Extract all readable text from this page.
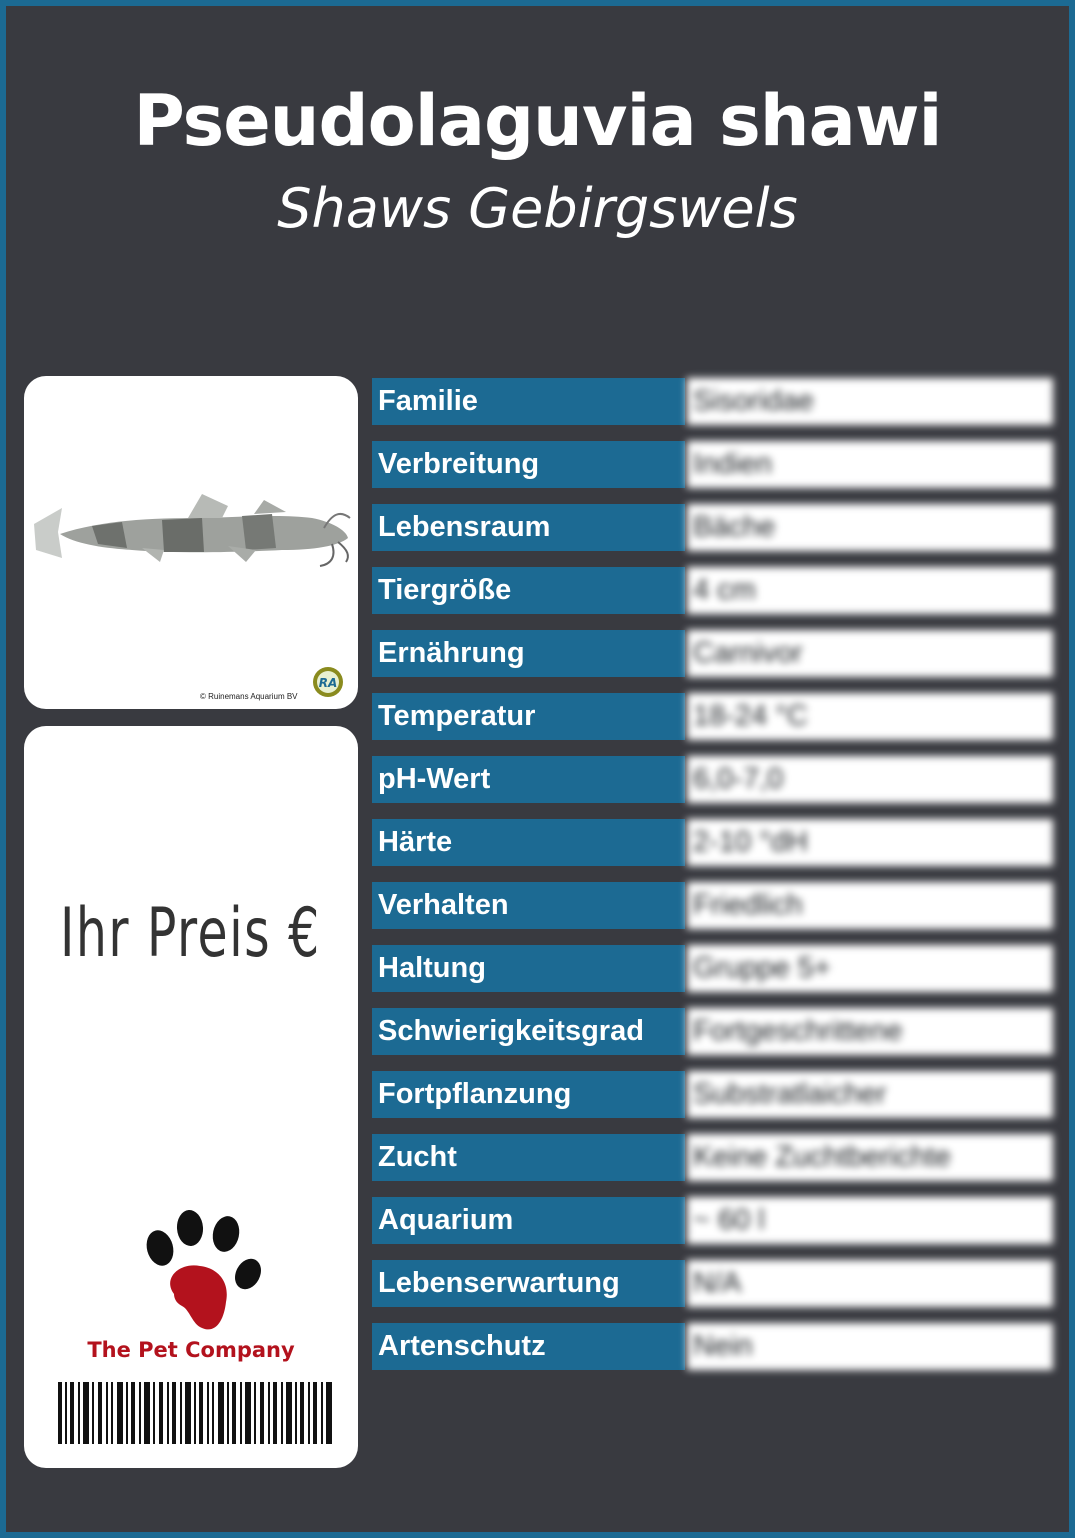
Pseudolaguvia shawi
Shaws Gebirgswels
RA
© Ruinemans Aquarium BV
Ihr Preis €
The Pet Company
Familie	Sisoridae
Verbreitung	Indien
Lebensraum	Bäche
Tiergröße	4 cm
Ernährung	Carnivor
Temperatur	18-24 °C
pH-Wert	6,0-7,0
Härte	2-10 °dH
Verhalten	Friedlich
Haltung	Gruppe 5+
Schwierigkeitsgrad	Fortgeschrittene
Fortpflanzung	Substratlaicher
Zucht	Keine Zuchtberichte
Aquarium	~ 60 l
Lebenserwartung	N/A
Artenschutz	Nein
